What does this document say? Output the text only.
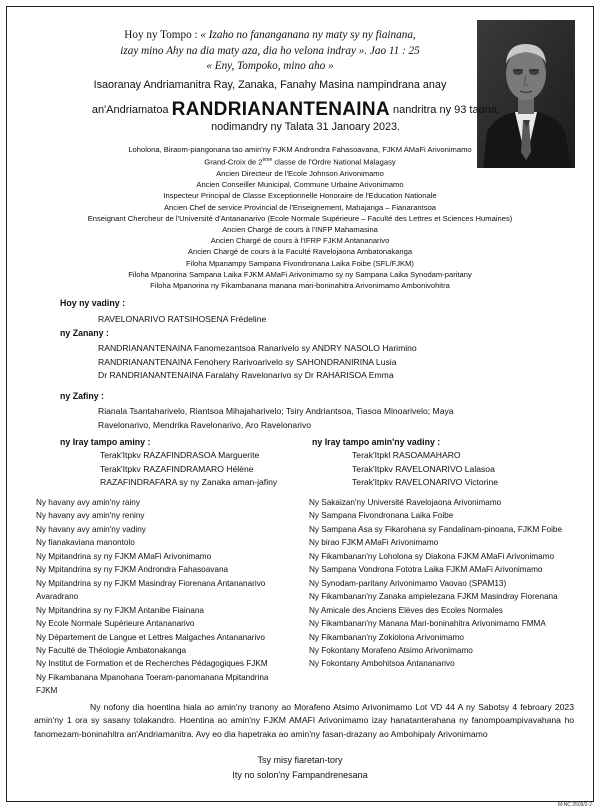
Hoy ny Tompo : « Izaho no fananganana ny maty sy ny fiainana,
izay mino Ahy na dia maty aza, dia ho velona indray ». Jao 11 : 25
« Eny, Tompoko, mino aho »
Isaoranay Andriamanitra Ray, Zanaka, Fanahy Masina nampindrana anay
an'Andriamatoa RANDRIANANTENAINA nandritra ny 93 taona,
nodimandry ny Talata 31 Janoary 2023.
Loholona, Biraom-piangonana tao amin'ny FJKM Androndra Fahasoavana, FJKM AMaFi Arivonimamo
Grand-Croix de 2ème classe de l'Ordre National Malagasy
Ancien Directeur de l'Ecole Johnson Arivonimamo
Ancien Conseiller Municipal, Commune Urbaine Arivonimamo
Inspecteur Principal de Classe Exceptionnelle Honoraire de l'Education Nationale
Ancien Chef de service Provincial de l'Enseignement, Mahajanga – Fianarantsoa
Enseignant Chercheur de l'Université d'Antananarivo (Ecole Normale Supérieure – Faculté des Lettres et Sciences Humaines)
Ancien Chargé de cours à l'INFP Mahamasina
Ancien Chargé de cours à l'IFRP FJKM Antananarivo
Ancien Chargé de cours à la Faculté Ravelojaona Ambatonakanga
Filoha Mpanampy Sampana Fivondronana Laika Foibe (SFL/FJKM)
Filoha Mpanorina Sampana Laika FJKM AMaFi Arivonimamo sy ny Sampana Laika Synodam-paritany
Filoha Mpanorina ny Fikambanana manana mari-boninahitra Arivonimamo Ambonivohitra
Hoy ny vadiny :
RAVELONARIVO RATSIHOSENA Frédeline
ny Zanany :
RANDRIANANTENAINA Fanomezantsoa Ranarivelo sy ANDRY NASOLO Harimino
RANDRIANANTENAINA Fenohery Rarivoarivelo sy SAHONDRANIRINA Lusia
Dr RANDRIANANTENAINA Faralahy Ravelonarivo sy Dr RAHARISOA Emma
ny Zafiny :
Rianala Tsantaharivelo, Riantsoa Mihajaharivelo; Tsiry Andriantsoa, Tiasoa Minoarivelo; Maya
Ravelonarivo, Mendrika Ravelonarivo, Aro Ravelonarivo
ny Iray tampo aminy :
Terak'Itpkv RAZAFINDRASOA Marguerite
Terak'Itpkv RAZAFINDRAMARO Hélène
RAZAFINDRAFARA sy ny Zanaka aman-jafiny
ny Iray tampo amin'ny vadiny :
Terak'Itpkl RASOAMAHARO
Terak'Itpkv RAVELONARIVO Lalasoa
Terak'Itpkv RAVELONARIVO Victorine
Ny havany avy amin'ny rainy
Ny havany avy amin'ny reniny
Ny havany avy amin'ny vadiny
Ny fianakaviana manontolo
Ny Mpitandrina sy ny FJKM AMaFi Arivonimamo
Ny Mpitandrina sy ny FJKM Androndra Fahasoavana
Ny Mpitandrina sy ny FJKM Masindray Fiorenana Antananarivo
Avaradrano
Ny Mpitandrina sy ny FJKM Antanibe Fiainana
Ny Ecole Normale Supérieure Antananarivo
Ny Département de Langue et Lettres Malgaches Antananarivo
Ny Faculté de Théologie Ambatonakanga
Ny Institut de Formation et de Recherches Pédagogiques FJKM
Ny Fikambanana Mpanohana Toeram-panomanana Mpitandrina
FJKM
Ny Sakaizan'ny Université Ravelojaona Arivonimamo
Ny Sampana Fivondronana Laika Foibe
Ny Sampana Asa sy Fikarohana sy Fandalinam-pinoana, FJKM Foibe
Ny birao FJKM AMaFi Arivonimamo
Ny Fikambanan'ny Loholona sy Diakona FJKM AMaFi Arivonimamo
Ny Sampana Vondrona Fototra Laika FJKM AMaFi Arivonimamo
Ny Synodam-paritany Arivonimamo Vaovao (SPAM13)
Ny Fikambanan'ny Zanaka ampielezana FJKM Masindray Fiorenana
Ny Amicale des Anciens Elèves des Ecoles Normales
Ny Fikambanan'ny Manana Mari-boninahitra Arivonimamo FMMA
Ny Fikambanan'ny Zokiolona Arivonimamo
Ny Fokontany Morafeno Atsimo Arivonimamo
Ny Fokontany Ambohitsoa Antananarivo
Ny nofony dia hoentina hiala ao amin'ny tranony ao Morafeno Atsimo Arivonimamo Lot VD 44 A ny Sabotsy 4 febroary 2023 amin'ny 1 ora sy sasany tolakandro. Hoentina ao amin'ny FJKM AMAFI Arivonimamo izay hanatanterahana ny fanompoampivavahana ho fanomezam-boninahitra an'Andriamanitra. Avy eo dia hapetraka ao amin'ny fasan-drazany ao Ambohipaly Arivonimamo
Tsy misy fiaretan-tory
Ity no solon'ny Fampandrenesana
M-NC 2509/2-2
